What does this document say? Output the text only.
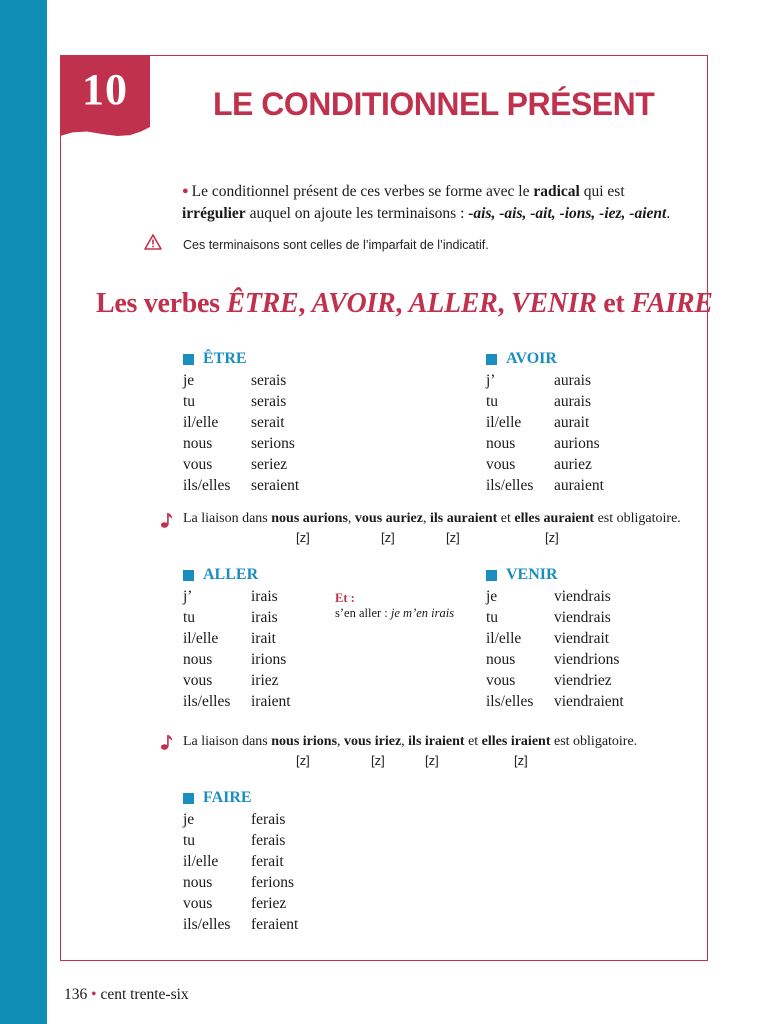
10	LE CONDITIONNEL PRÉSENT
● Le conditionnel présent de ces verbes se forme avec le radical qui est
irrégulier auquel on ajoute les terminaisons : -ais, -ais, -ait, -ions, -iez, -aient.
Ces terminaisons sont celles de l’imparfait de l’indicatif.
Les verbes ÊTRE, AVOIR, ALLER, VENIR et FAIRE
ÊTRE
je	serais
tu	serais
il/elle	serait
nous	serions
vous	seriez
ils/elles	seraient
AVOIR
j’	aurais
tu	aurais
il/elle	aurait
nous	aurions
vous	auriez
ils/elles	auraient
La liaison dans nous aurions, vous auriez, ils auraient et elles auraient est obligatoire.
[z]	[z]	[z]	[z]
ALLER
j’	irais
tu	irais
il/elle	irait
nous	irions
vous	iriez
ils/elles	iraient
Et :
s’en aller : je m’en irais
VENIR
je	viendrais
tu	viendrais
il/elle	viendrait
nous	viendrions
vous	viendriez
ils/elles	viendraient
La liaison dans nous irions, vous iriez, ils iraient et elles iraient est obligatoire.
[z]	[z]	[z]	[z]
FAIRE
je	ferais
tu	ferais
il/elle	ferait
nous	ferions
vous	feriez
ils/elles	feraient
136 • cent trente-six
